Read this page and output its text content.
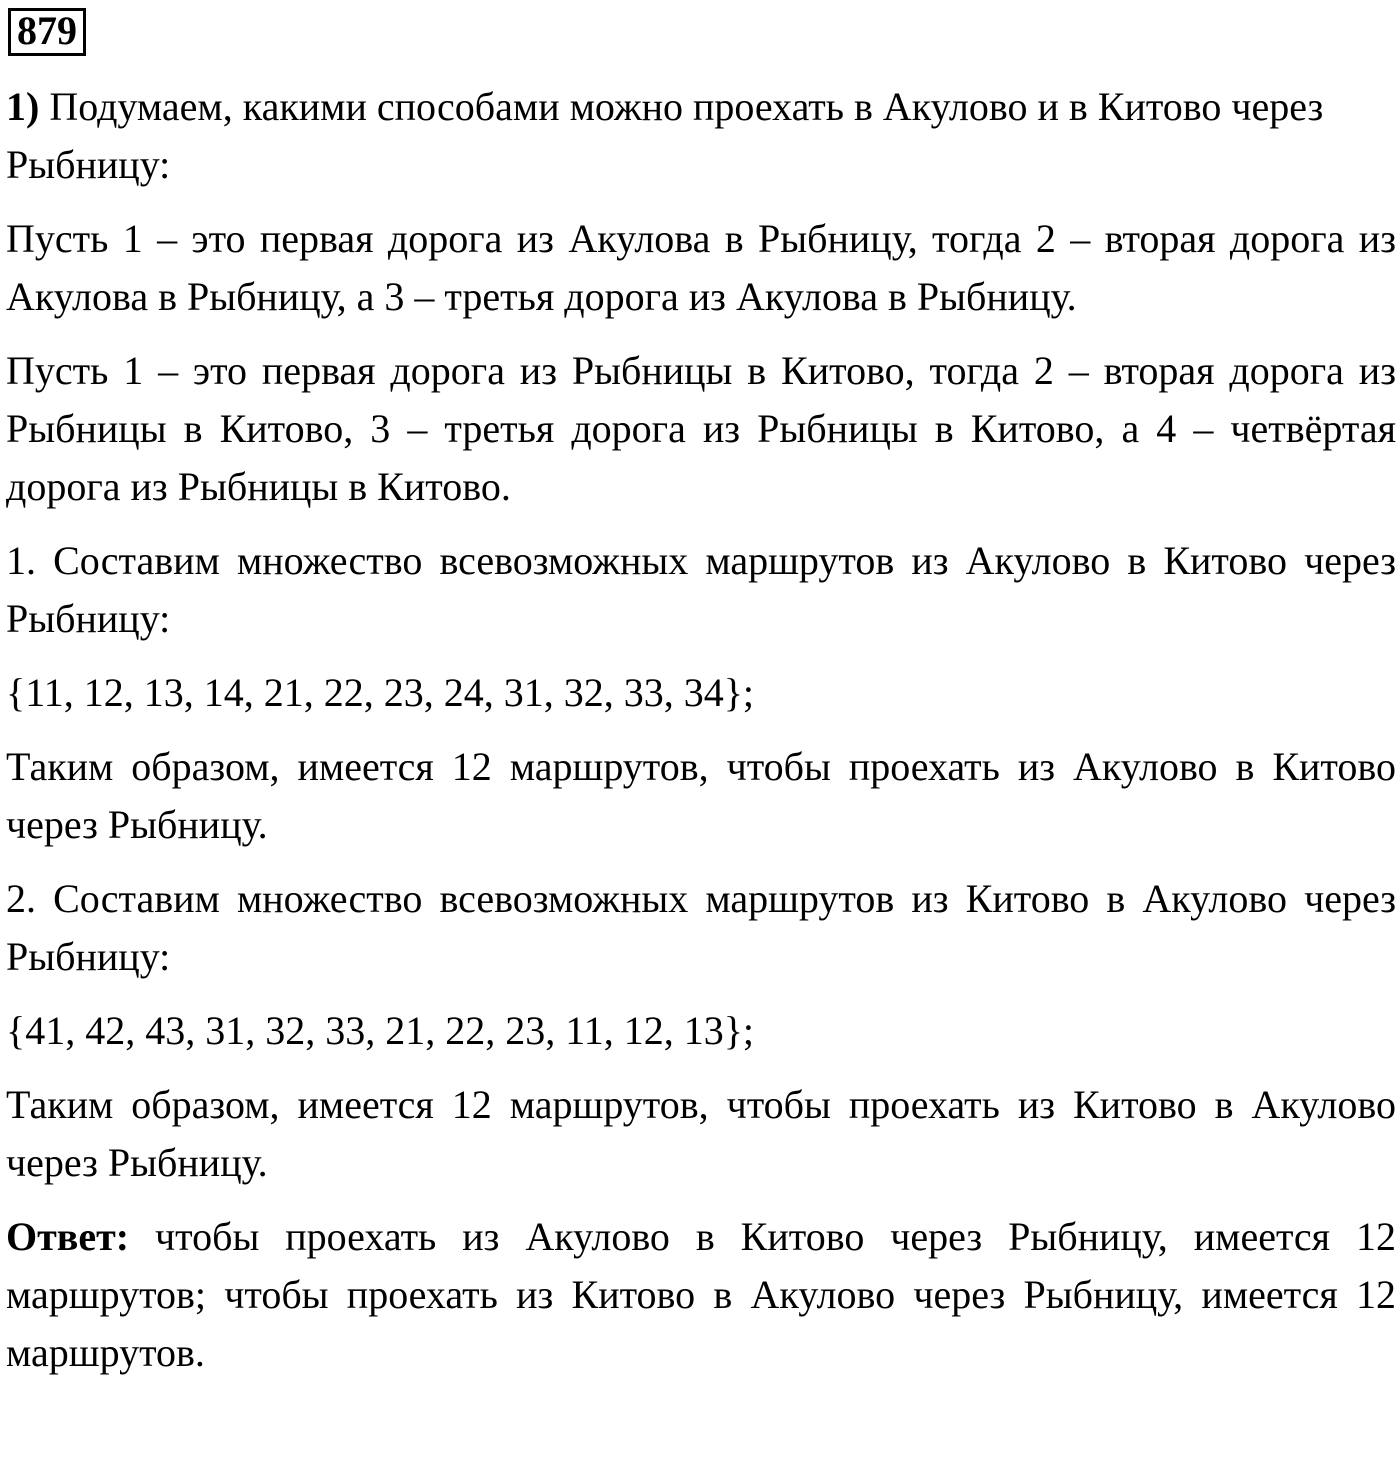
879

1) Подумаем, какими способами можно проехать в Акулово и в Китово через Рыбницу:

Пусть 1 – это первая дорога из Акулова в Рыбницу, тогда 2 – вторая дорога из Акулова в Рыбницу, а 3 – третья дорога из Акулова в Рыбницу.

Пусть 1 – это первая дорога из Рыбницы в Китово, тогда 2 – вторая дорога из Рыбницы в Китово, 3 – третья дорога из Рыбницы в Китово, а 4 – четвёртая дорога из Рыбницы в Китово.

1. Составим множество всевозможных маршрутов из Акулово в Китово через Рыбницу:

{11, 12, 13, 14, 21, 22, 23, 24, 31, 32, 33, 34};

Таким образом, имеется 12 маршрутов, чтобы проехать из Акулово в Китово через Рыбницу.

2. Составим множество всевозможных маршрутов из Китово в Акулово через Рыбницу:

{41, 42, 43, 31, 32, 33, 21, 22, 23, 11, 12, 13};

Таким образом, имеется 12 маршрутов, чтобы проехать из Китово в Акулово через Рыбницу.

Ответ: чтобы проехать из Акулово в Китово через Рыбницу, имеется 12 маршрутов; чтобы проехать из Китово в Акулово через Рыбницу, имеется 12 маршрутов.
